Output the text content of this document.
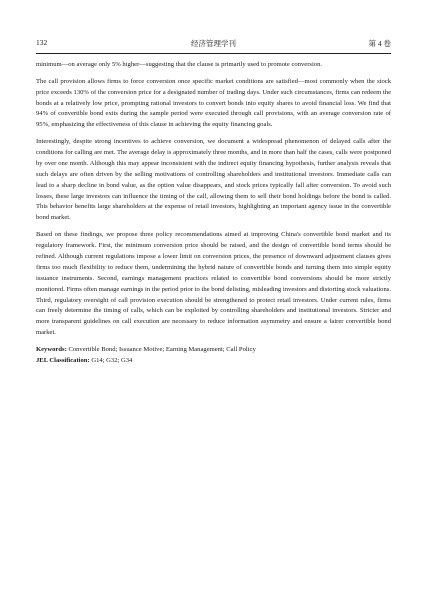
132	经济管理学刊	第 4 卷

minimum—on average only 5% higher—suggesting that the clause is primarily used to promote conversion.

The call provision allows firms to force conversion once specific market conditions are satisfied—most commonly when the stock price exceeds 130% of the conversion price for a designated number of trading days. Under such circumstances, firms can redeem the bonds at a relatively low price, prompting rational investors to convert bonds into equity shares to avoid financial loss. We find that 94% of convertible bond exits during the sample period were executed through call provisions, with an average conversion rate of 95%, emphasizing the effectiveness of this clause in achieving the equity financing goals.

Interestingly, despite strong incentives to achieve conversion, we document a widespread phenomenon of delayed calls after the conditions for calling are met. The average delay is approximately three months, and in more than half the cases, calls were postponed by over one month. Although this may appear inconsistent with the indirect equity financing hypothesis, further analysis reveals that such delays are often driven by the selling motivations of controlling shareholders and institutional investors. Immediate calls can lead to a sharp decline in bond value, as the option value disappears, and stock prices typically fall after conversion. To avoid such losses, these large investors can influence the timing of the call, allowing them to sell their bond holdings before the bond is called. This behavior benefits large shareholders at the expense of retail investors, highlighting an important agency issue in the convertible bond market.

Based on these findings, we propose three policy recommendations aimed at improving China's convertible bond market and its regulatory framework. First, the minimum conversion price should be raised, and the design of convertible bond terms should be refined. Although current regulations impose a lower limit on conversion prices, the presence of downward adjustment clauses gives firms too much flexibility to reduce them, undermining the hybrid nature of convertible bonds and turning them into simple equity issuance instruments. Second, earnings management practices related to convertible bond conversions should be more strictly monitored. Firms often manage earnings in the period prior to the bond delisting, misleading investors and distorting stock valuations. Third, regulatory oversight of call provision execution should be strengthened to protect retail investors. Under current rules, firms can freely determine the timing of calls, which can be exploited by controlling shareholders and institutional investors. Stricter and more transparent guidelines on call execution are necessary to reduce information asymmetry and ensure a fairer convertible bond market.

Keywords: Convertible Bond; Issuance Motive; Earning Management; Call Policy
JEL Classification: G14; G32; G34
